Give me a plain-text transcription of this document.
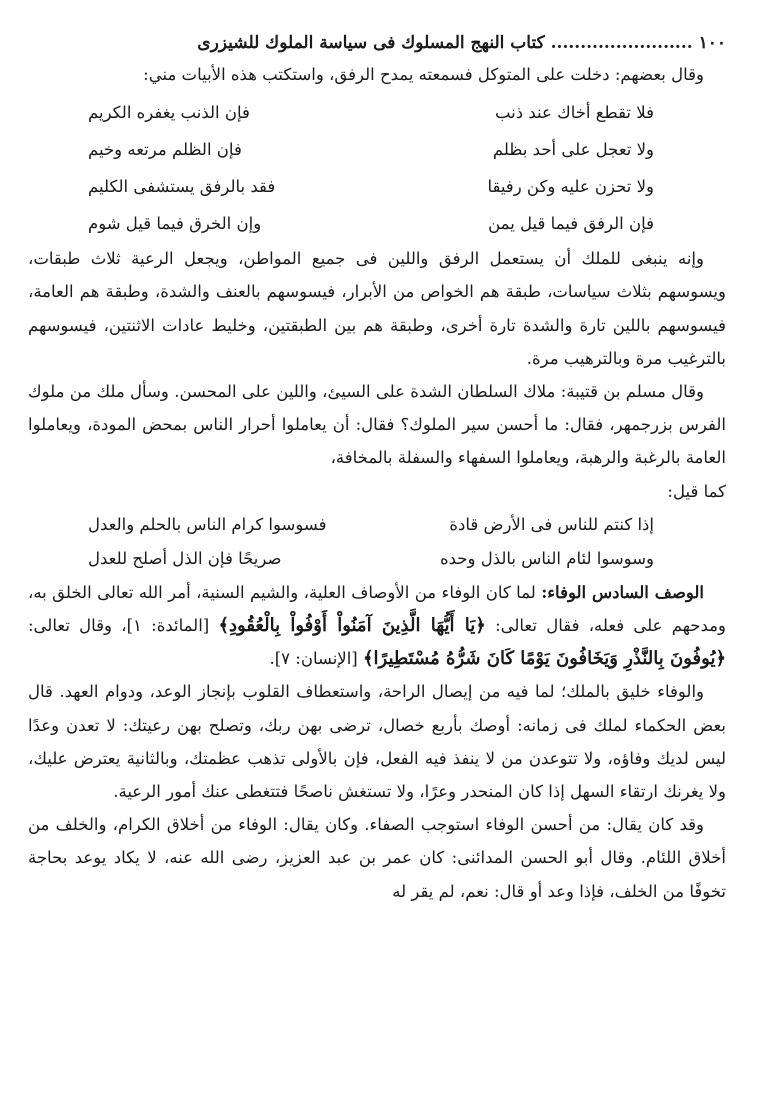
١٠٠ ........................ كتاب النهج المسلوك فى سياسة الملوك للشيزرى

وقال بعضهم: دخلت على المتوكل فسمعته يمدح الرفق، واستكتب هذه الأبيات مني:

فلا تقطع أخاك عند ذنب
فإن الذنب يغفره الكريم
ولا تعجل على أحد بظلم
فإن الظلم مرتعه وخيم
ولا تحزن عليه وكن رفيقا
فقد بالرفق يستشفى الكليم
فإن الرفق فيما قيل يمن
وإن الخرق فيما قيل شوم

وإنه ينبغى للملك أن يستعمل الرفق واللين فى جميع المواطن، ويجعل الرعية ثلاث طبقات، ويسوسهم بثلاث سياسات، طبقة هم الخواص من الأبرار، فيسوسهم بالعنف والشدة، وطبقة هم العامة، فيسوسهم باللين تارة والشدة تارة أخرى، وطبقة هم بين الطبقتين، وخليط عادات الاثنتين، فيسوسهم بالترغيب مرة وبالترهيب مرة.

وقال مسلم بن قتيبة: ملاك السلطان الشدة على السيئ، واللين على المحسن. وسأل ملك من ملوك الفرس بزرجمهر، فقال: ما أحسن سير الملوك؟ فقال: أن يعاملوا أحرار الناس بمحض المودة، ويعاملوا العامة بالرغبة والرهبة، ويعاملوا السفهاء والسفلة بالمخافة،

كما قيل:

إذا كنتم للناس فى الأرض قادة
فسوسوا كرام الناس بالحلم والعدل
وسوسوا لئام الناس بالذل وحده
صريحًا فإن الذل أصلح للعدل

الوصف السادس الوفاء: لما كان الوفاء من الأوصاف العلية، والشيم السنية، أمر الله تعالى الخلق به، ومدحهم على فعله، فقال تعالى: ﴿يَا أَيُّهَا الَّذِينَ آمَنُواْ أَوْفُواْ بِالْعُقُودِ﴾ [المائدة: ١]، وقال تعالى: ﴿يُوفُونَ بِالنَّذْرِ وَيَخَافُونَ يَوْمًا كَانَ شَرُّهُ مُسْتَطِيرًا﴾ [الإنسان: ٧].

والوفاء خليق بالملك؛ لما فيه من إيصال الراحة، واستعطاف القلوب بإنجاز الوعد، ودوام العهد. قال بعض الحكماء لملك فى زمانه: أوصك بأربع خصال، ترضى بهن ربك، وتصلح بهن رعيتك: لا تعدن وعدًا ليس لديك وفاؤه، ولا تتوعدن من لا ينفذ فيه الفعل، فإن بالأولى تذهب عظمتك، وبالثانية يعترض عليك، ولا يغرنك ارتقاء السهل إذا كان المنحدر وعرًا، ولا تستغش ناصحًا فتتغطى عنك أمور الرعية.

وقد كان يقال: من أحسن الوفاء استوجب الصفاء. وكان يقال: الوفاء من أخلاق الكرام، والخلف من أخلاق اللئام. وقال أبو الحسن المدائنى: كان عمر بن عبد العزيز، رضى الله عنه، لا يكاد يوعد بحاجة تخوفًا من الخلف، فإذا وعد أو قال: نعم، لم يقر له
